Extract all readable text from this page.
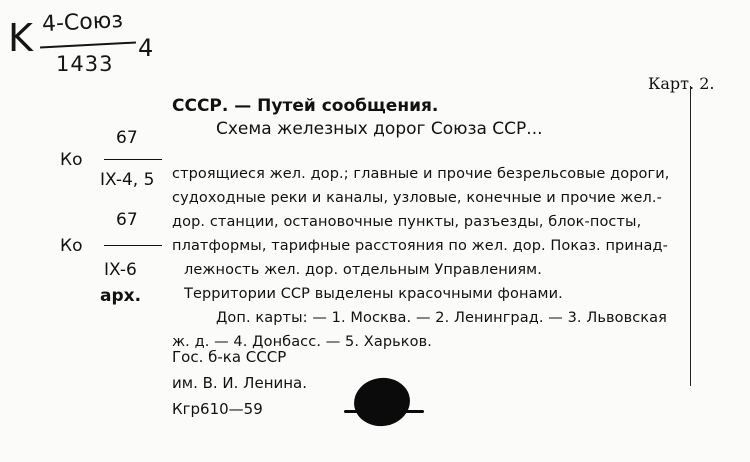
K 4-Союз
1433
4
Карт. 2.
СССР. — Путей сообщения.
Схема железных дорог Союза ССР...
67
Ко
IX-4, 5
67
Ко
IX-6
арх.
строящиеся жел. дор.; главные и прочие безрельсовые дороги,
судоходные реки и каналы, узловые, конечные и прочие жел.-
дор. станции, остановочные пункты, разъезды, блок-посты,
платформы, тарифные расстояния по жел. дор. Показ. принад-
лежность жел. дор. отдельным Управлениям.
Территории ССР выделены красочными фонами.
Доп. карты: — 1. Москва. — 2. Ленинград. — 3. Львовская
ж. д. — 4. Донбасс. — 5. Харьков.
Гос. б-ка СССР
им. В. И. Ленина.
Кгр610—59
